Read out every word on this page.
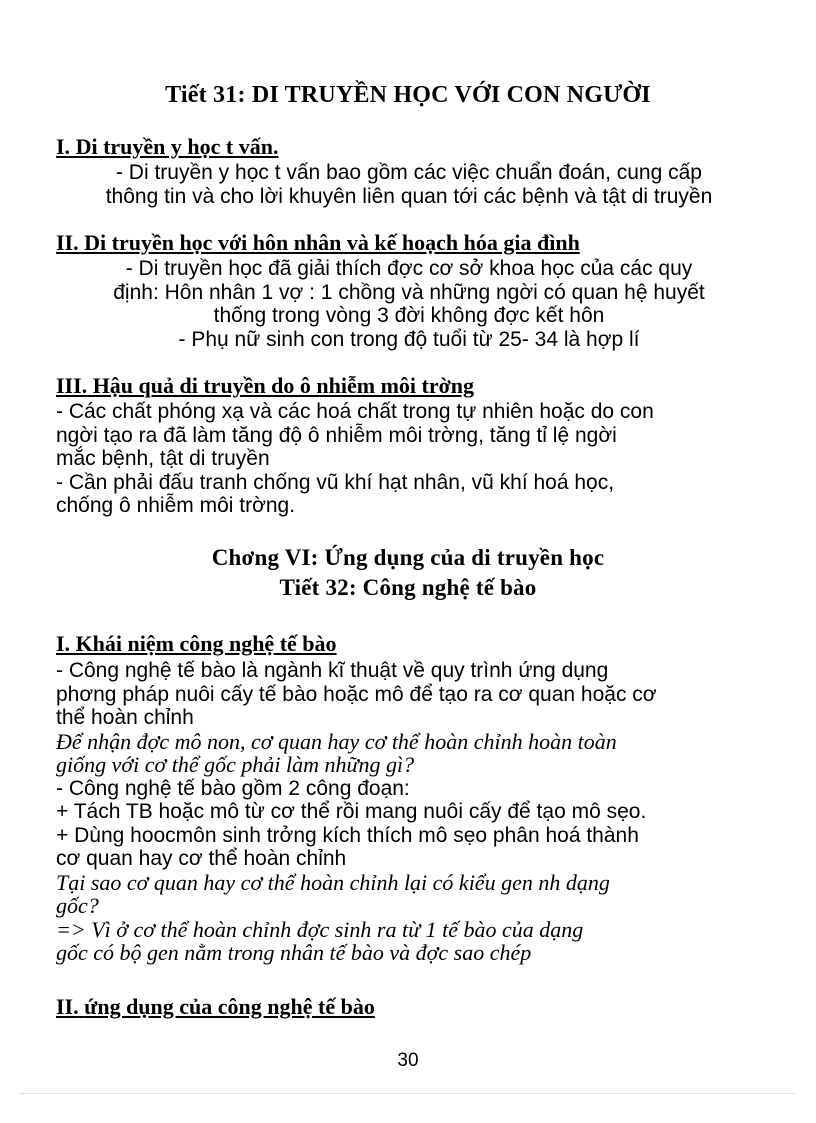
Tiết 31: DI TRUYỀN HỌC VỚI CON NGƯỜI
I. Di truyền y học t vấn.

- Di truyền y học t vấn bao gồm các việc chuẩn đoán, cung cấp

thông tin và cho lời khuyên liên quan tới các bệnh và tật di truyền

II. Di truyền học với hôn nhân và kế hoạch hóa gia đình

- Di truyền học đã giải thích đợc cơ sở khoa học của các quy

định: Hôn nhân 1 vợ : 1 chồng và những ngời có quan hệ huyết

thống trong vòng 3 đời không đợc kết hôn

- Phụ nữ sinh con trong độ tuổi từ 25- 34 là hợp lí

III. Hậu quả di truyền do ô nhiễm môi trờng

- Các chất phóng xạ và các hoá chất trong tự nhiên hoặc do con

ngời tạo ra đã làm tăng độ ô nhiễm môi trờng, tăng tỉ lệ ngời

mắc bệnh, tật di truyền

- Cần phải đấu tranh chống vũ khí hạt nhân, vũ khí hoá học,

chống ô nhiễm môi trờng.

Chơng VI: Ứng dụng của di truyền học
Tiết 32: Công nghệ tế bào
I. Khái niệm công nghệ tế bào

- Công nghệ tế bào là ngành kĩ thuật về quy trình ứng dụng

phơng pháp nuôi cấy tế bào hoặc mô để tạo ra cơ quan hoặc cơ

thể hoàn chỉnh

Để nhận đợc mô non, cơ quan hay cơ thể hoàn chỉnh hoàn toàn

giống với cơ thể gốc phải làm những gì?

- Công nghệ tế bào gồm 2 công đoạn:

+ Tách TB hoặc mô từ cơ thể rồi mang nuôi cấy để tạo mô sẹo.

+ Dùng hoocmôn sinh trởng kích thích mô sẹo phân hoá thành

cơ quan hay cơ thể hoàn chỉnh

Tại sao cơ quan hay cơ thể hoàn chỉnh lại có kiểu gen nh dạng

gốc?

=> Vì ở cơ thể hoàn chỉnh đợc sinh ra từ 1 tế bào của dạng

gốc có bộ gen nằm trong nhân tế bào và đợc sao chép

II. ứng dụng của công nghệ tế bào
30
